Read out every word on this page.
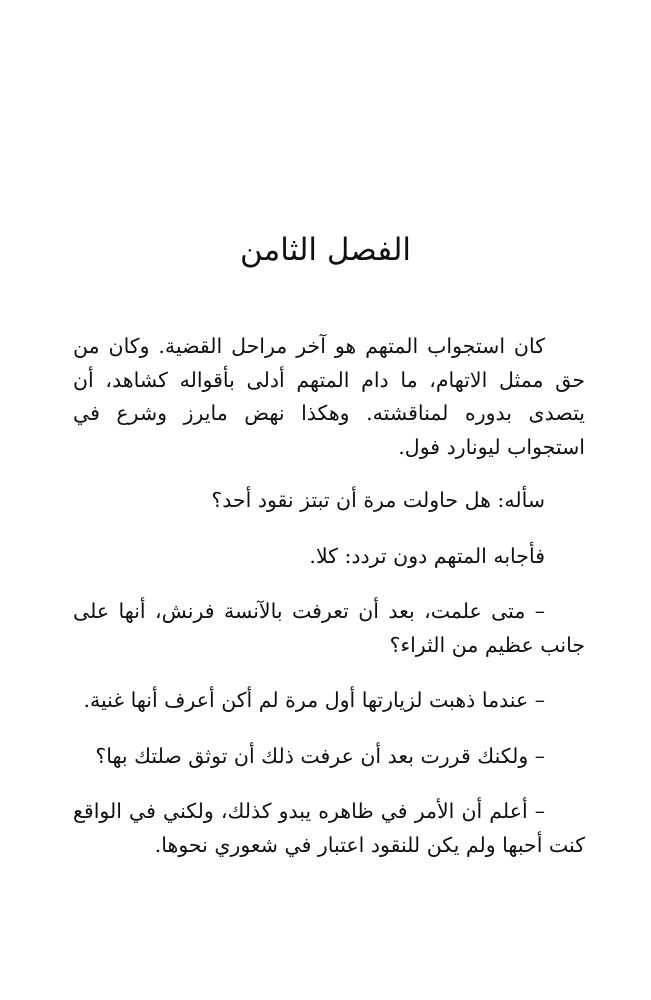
الفصل الثامن

كان استجواب المتهم هو آخر مراحل القضية. وكان من حق ممثل الاتهام، ما دام المتهم أدلى بأقواله كشاهد، أن يتصدى بدوره لمناقشته. وهكذا نهض مايرز وشرع في استجواب ليونارد فول.

سأله: هل حاولت مرة أن تبتز نقود أحد؟

فأجابه المتهم دون تردد: كلا.

– متى علمت، بعد أن تعرفت بالآنسة فرنش، أنها على جانب عظيم من الثراء؟

– عندما ذهبت لزيارتها أول مرة لم أكن أعرف أنها غنية.

– ولكنك قررت بعد أن عرفت ذلك أن توثق صلتك بها؟

– أعلم أن الأمر في ظاهره يبدو كذلك، ولكني في الواقع كنت أحبها ولم يكن للنقود اعتبار في شعوري نحوها.
